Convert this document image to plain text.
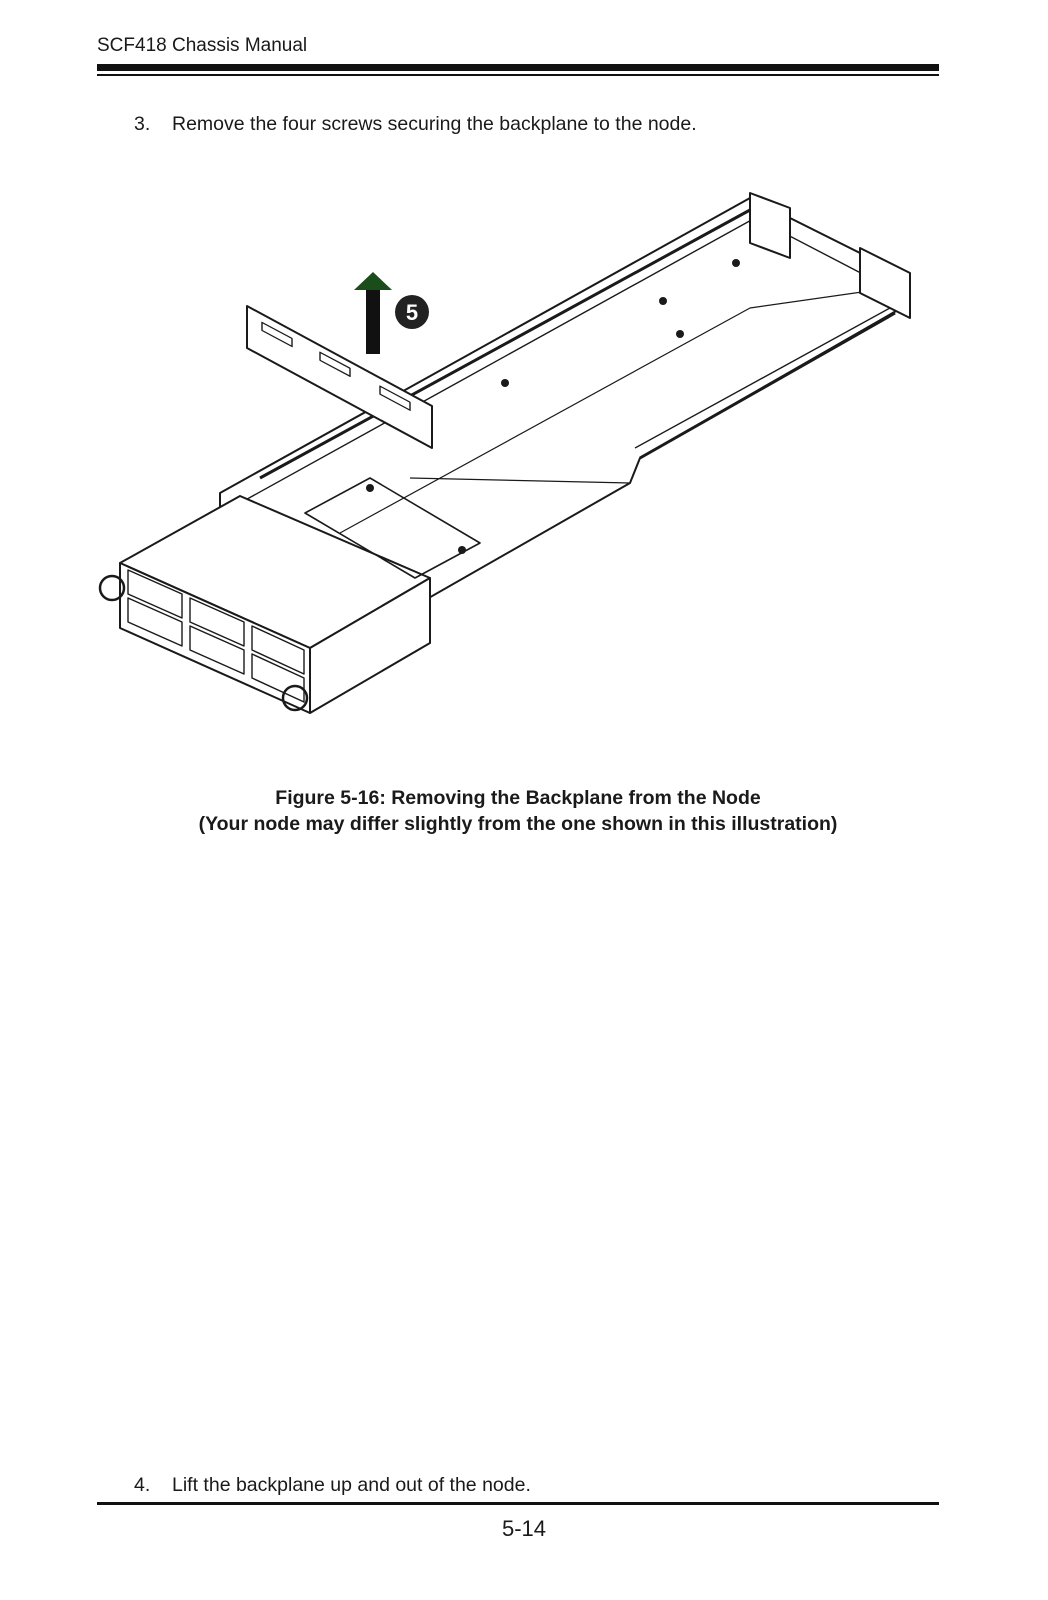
SCF418 Chassis Manual
3. Remove the four screws securing the backplane to the node.
5
Figure 5-16: Removing the Backplane from the Node
(Your node may differ slightly from the one shown in this illustration)
4. Lift the backplane up and out of the node.
5-14
